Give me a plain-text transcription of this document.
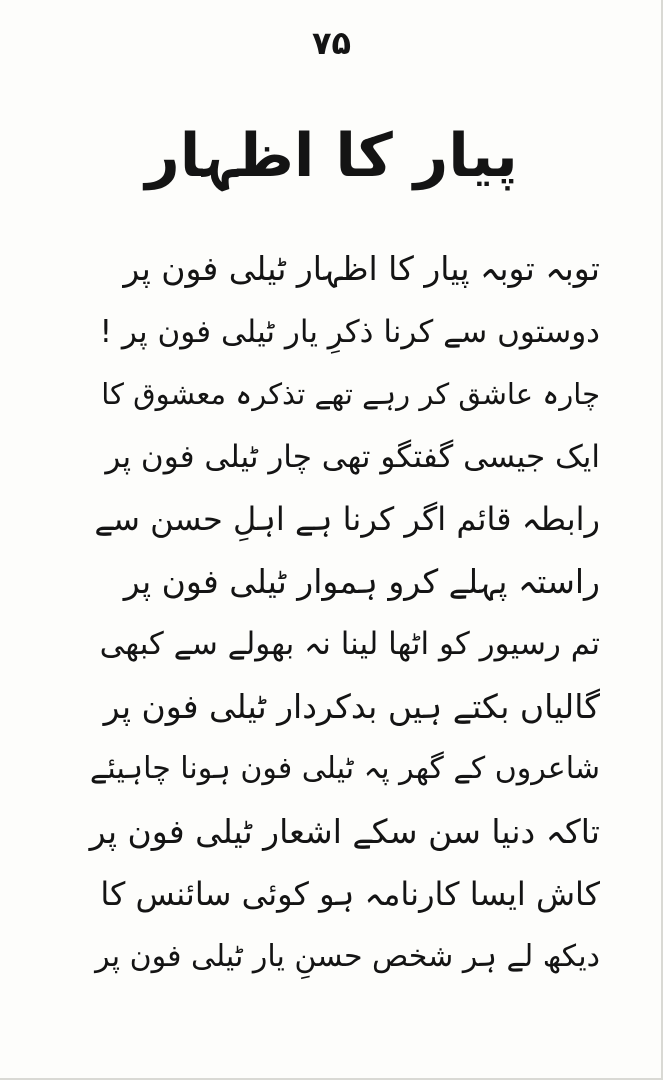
۷۵
پیار کا اظہار
توبہ توبہ پیار کا اظہار ٹیلی فون پر
دوستوں سے کرنا ذکرِ یار ٹیلی فون پر !
چارہ عاشق کر رہے تھے تذکرہ معشوق کا
ایک جیسی گفتگو تھی چار ٹیلی فون پر
رابطہ قائم اگر کرنا ہے اہلِ حسن سے
راستہ پہلے کرو ہموار ٹیلی فون پر
تم رسیور کو اٹھا لینا نہ بھولے سے کبھی
گالیاں بکتے ہیں بدکردار ٹیلی فون پر
شاعروں کے گھر پہ ٹیلی فون ہونا چاہیئے
تاکہ دنیا سن سکے اشعار ٹیلی فون پر
کاش ایسا کارنامہ ہو کوئی سائنس کا
دیکھ لے ہر شخص حسنِ یار ٹیلی فون پر
